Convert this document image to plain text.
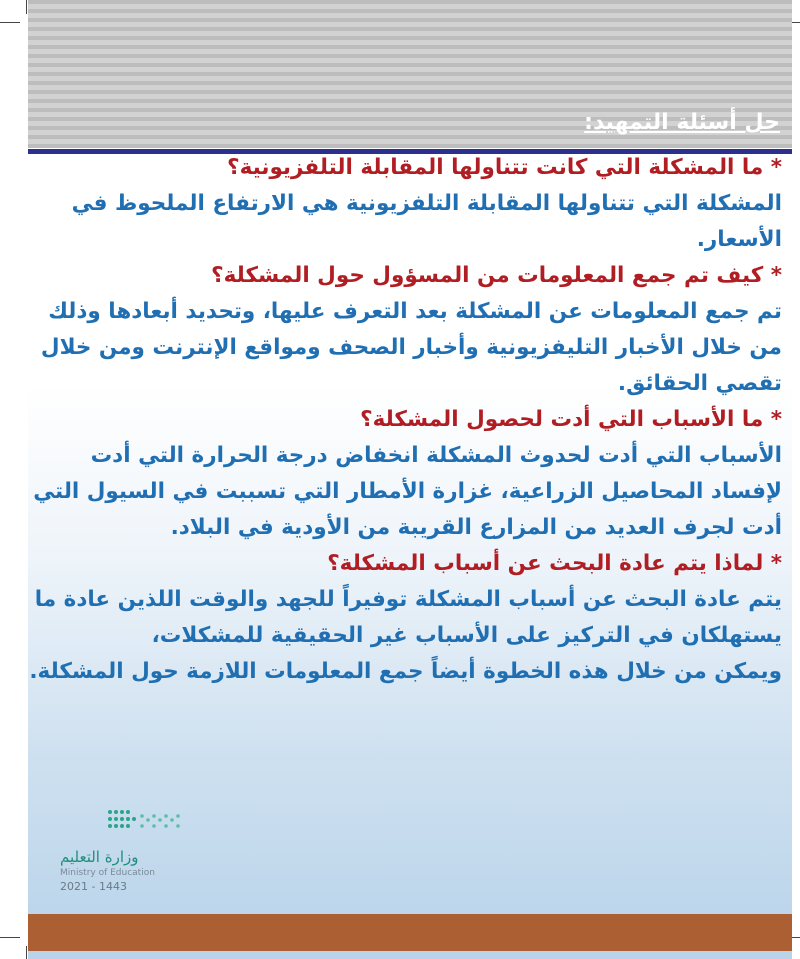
حل أسئلة التمهيد:
* ما المشكلة التي كانت تتناولها المقابلة التلفزيونية؟
المشكلة التي تتناولها المقابلة التلفزيونية هي الارتفاع الملحوظ في الأسعار.
* كيف تم جمع المعلومات من المسؤول حول المشكلة؟
تم جمع المعلومات عن المشكلة بعد التعرف عليها، وتحديد أبعادها وذلك من خلال الأخبار التليفزيونية وأخبار الصحف ومواقع الإنترنت ومن خلال تقصي الحقائق.
* ما الأسباب التي أدت لحصول المشكلة؟
الأسباب التي أدت لحدوث المشكلة انخفاض درجة الحرارة التي أدت لإفساد المحاصيل الزراعية، غزارة الأمطار التي تسببت في السيول التي أدت لجرف العديد من المزارع القريبة من الأودية في البلاد.
* لماذا يتم عادة البحث عن أسباب المشكلة؟
يتم عادة البحث عن أسباب المشكلة توفيراً للجهد والوقت اللذين عادة ما يستهلكان في التركيز على الأسباب غير الحقيقية للمشكلات،
ويمكن من خلال هذه الخطوة أيضاً جمع المعلومات اللازمة حول المشكلة.
وزارة التعليم
Ministry of Education
2021 - 1443
